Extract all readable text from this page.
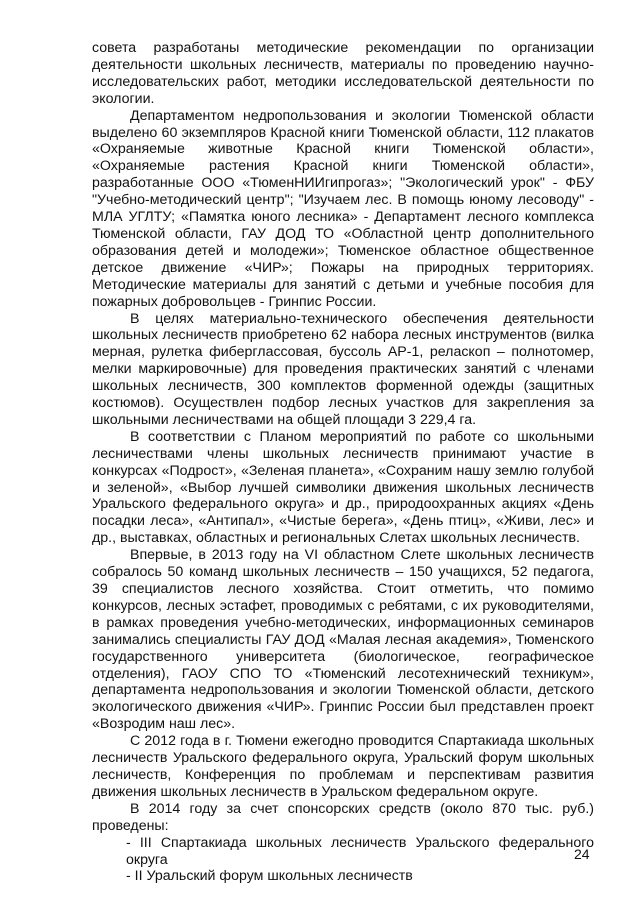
совета разработаны методические рекомендации по организации деятельности школьных лесничеств, материалы по проведению научно-исследовательских работ, методики исследовательской деятельности по экологии.

Департаментом недропользования и экологии Тюменской области выделено 60 экземпляров Красной книги Тюменской области, 112 плакатов «Охраняемые животные Красной книги Тюменской области», «Охраняемые растения Красной книги Тюменской области», разработанные ООО «ТюменНИИгипрогаз»; "Экологический урок" - ФБУ "Учебно-методический центр"; "Изучаем лес. В помощь юному лесоводу" - МЛА УГЛТУ; «Памятка юного лесника» - Департамент лесного комплекса Тюменской области, ГАУ ДОД ТО «Областной центр дополнительного образования детей и молодежи»; Тюменское областное общественное детское движение «ЧИР»; Пожары на природных территориях. Методические материалы для занятий с детьми и учебные пособия для пожарных добровольцев - Гринпис России.

В целях материально-технического обеспечения деятельности школьных лесничеств приобретено 62 набора лесных инструментов (вилка мерная, рулетка фибергласcовая, буссоль АР-1, реласкоп – полнотомер, мелки маркировочные) для проведения практических занятий с членами школьных лесничеств, 300 комплектов форменной одежды (защитных костюмов). Осуществлен подбор лесных участков для закрепления за школьными лесничествами на общей площади 3 229,4 га.

В соответствии с Планом мероприятий по работе со школьными лесничествами члены школьных лесничеств принимают участие в конкурсах «Подрост», «Зеленая планета», «Сохраним нашу землю голубой и зеленой», «Выбор лучшей символики движения школьных лесничеств Уральского федерального округа» и др., природоохранных акциях «День посадки леса», «Антипал», «Чистые берега», «День птиц», «Живи, лес» и др., выставках, областных и региональных Слетах школьных лесничеств.

Впервые, в 2013 году на VI областном Слете школьных лесничеств собралось 50 команд школьных лесничеств – 150 учащихся, 52 педагога, 39 специалистов лесного хозяйства. Стоит отметить, что помимо конкурсов, лесных эстафет, проводимых с ребятами, с их руководителями, в рамках проведения учебно-методических, информационных семинаров занимались специалисты ГАУ ДОД «Малая лесная академия», Тюменского государственного университета (биологическое, географическое отделения), ГАОУ СПО ТО «Тюменский лесотехнический техникум», департамента недропользования и экологии Тюменской области, детского экологического движения «ЧИР». Гринпис России был представлен проект «Возродим наш лес».

С 2012 года в г. Тюмени ежегодно проводится Спартакиада школьных лесничеств Уральского федерального округа, Уральский форум школьных лесничеств, Конференция по проблемам и перспективам развития движения школьных лесничеств в Уральском федеральном округе.

В 2014 году за счет спонсорских средств (около 870 тыс. руб.) проведены:

- III Спартакиада школьных лесничеств Уральского федерального округа

- II Уральский форум школьных лесничеств

24
